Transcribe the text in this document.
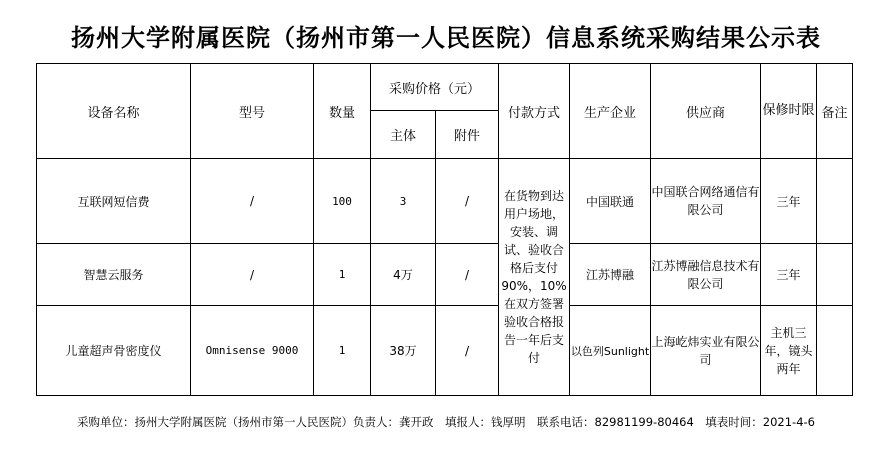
扬州大学附属医院（扬州市第一人民医院）信息系统采购结果公示表
设备名称	型号	数量	采购价格（元）		付款方式	生产企业	供应商	保修时限	备注
			主体	附件					
互联网短信费	/	100	3	/	在货物到达用户场地，安装、调试、验收合格后支付90%，10%在双方签署验收合格报告一年后支付	中国联通	中国联合网络通信有限公司	三年	
智慧云服务	/	1	4万	/		江苏博融	江苏博融信息技术有限公司	三年	
儿童超声骨密度仪	Omnisense 9000	1	38万	/		以色列Sunlight	上海屹炜实业有限公司	主机三年，镜头两年	
采购单位：扬州大学附属医院（扬州市第一人民医院）负责人：龚开政　填报人：钱厚明　联系电话：82981199-80464　填表时间：2021-4-6
